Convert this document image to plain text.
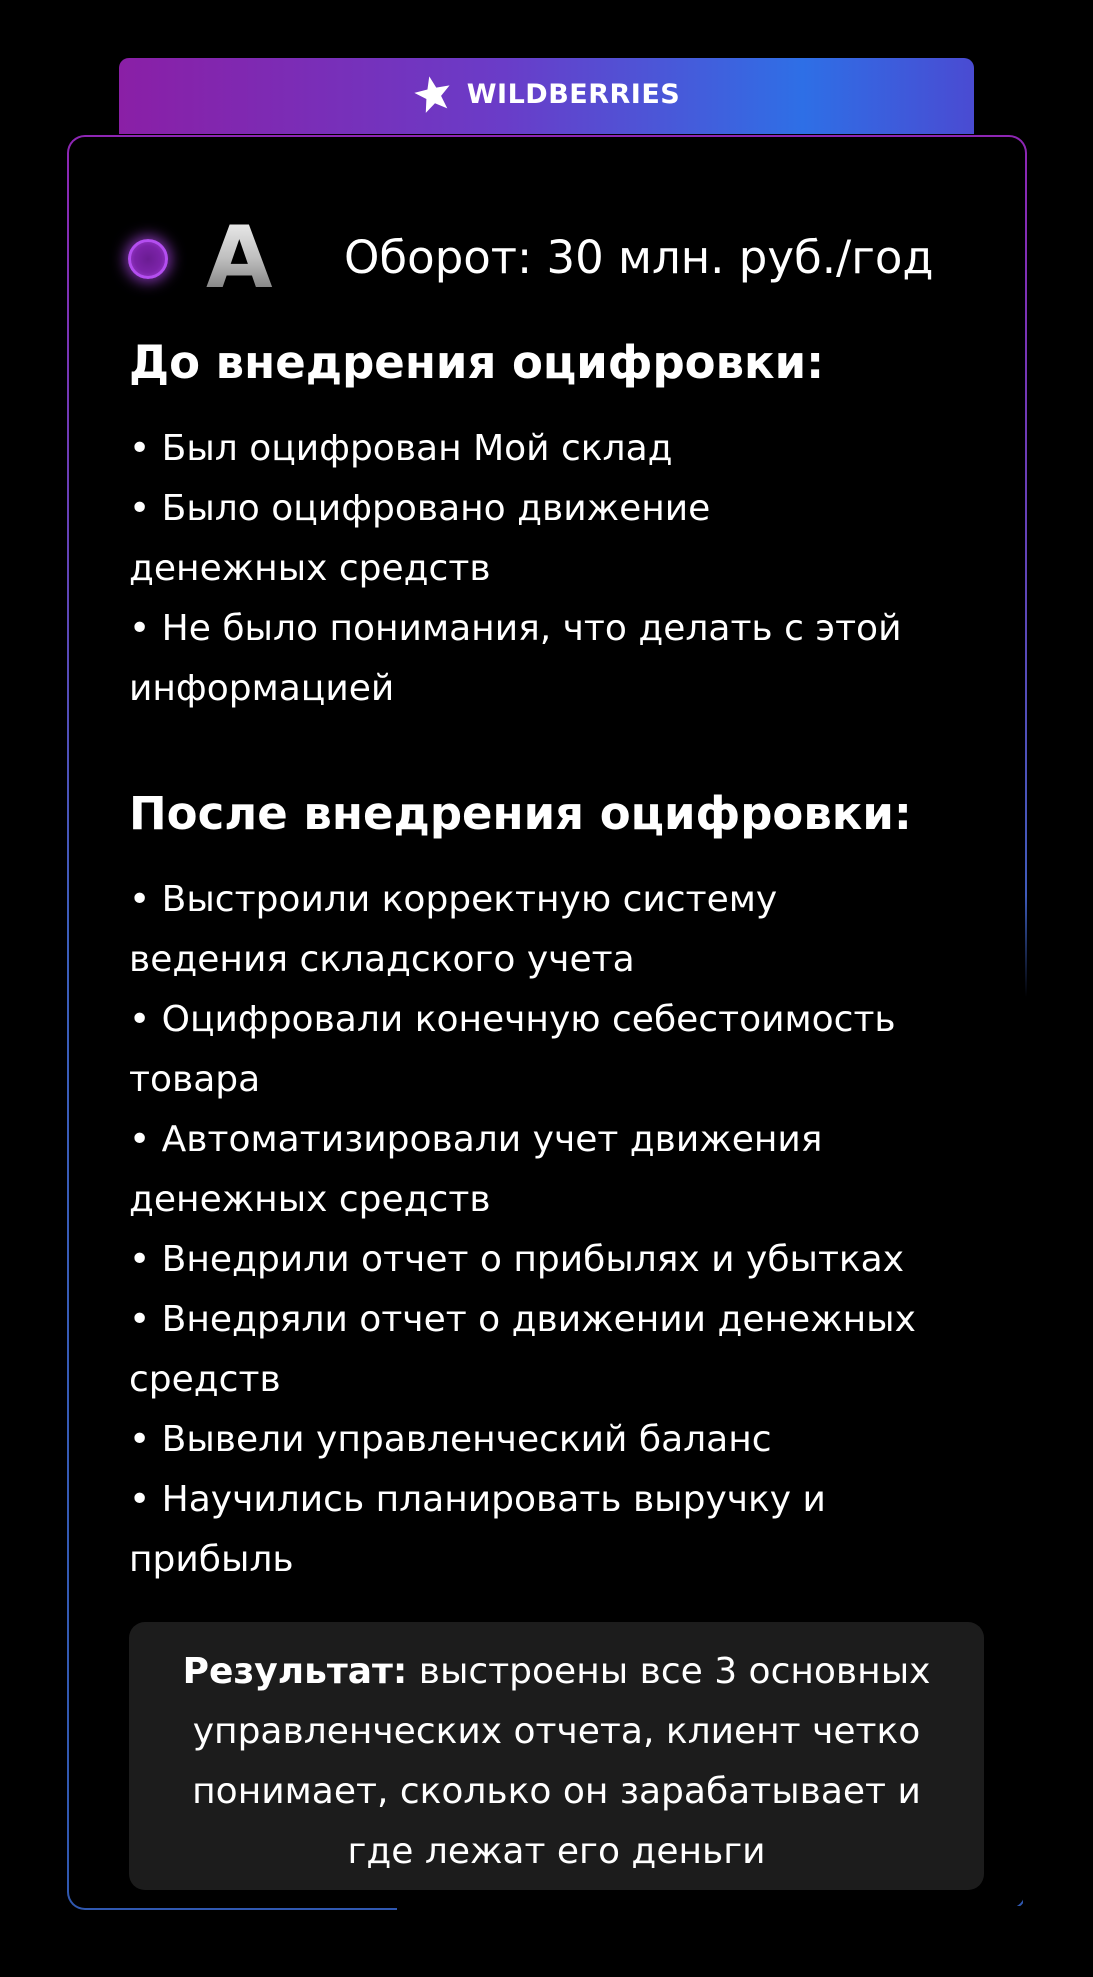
WILDBERRIES
A Оборот: 30 млн. руб./год
До внедрения оцифровки:
• Был оцифрован Мой склад
• Было оцифровано движение денежных средств
• Не было понимания, что делать с этой информацией
После внедрения оцифровки:
• Выстроили корректную систему ведения складского учета
• Оцифровали конечную себестоимость товара
• Автоматизировали учет движения денежных средств
• Внедрили отчет о прибылях и убытках
• Внедряли отчет о движении денежных средств
• Вывели управленческий баланс
• Научились планировать выручку и прибыль
Результат: выстроены все 3 основных управленческих отчета, клиент четко понимает, сколько он зарабатывает и где лежат его деньги
